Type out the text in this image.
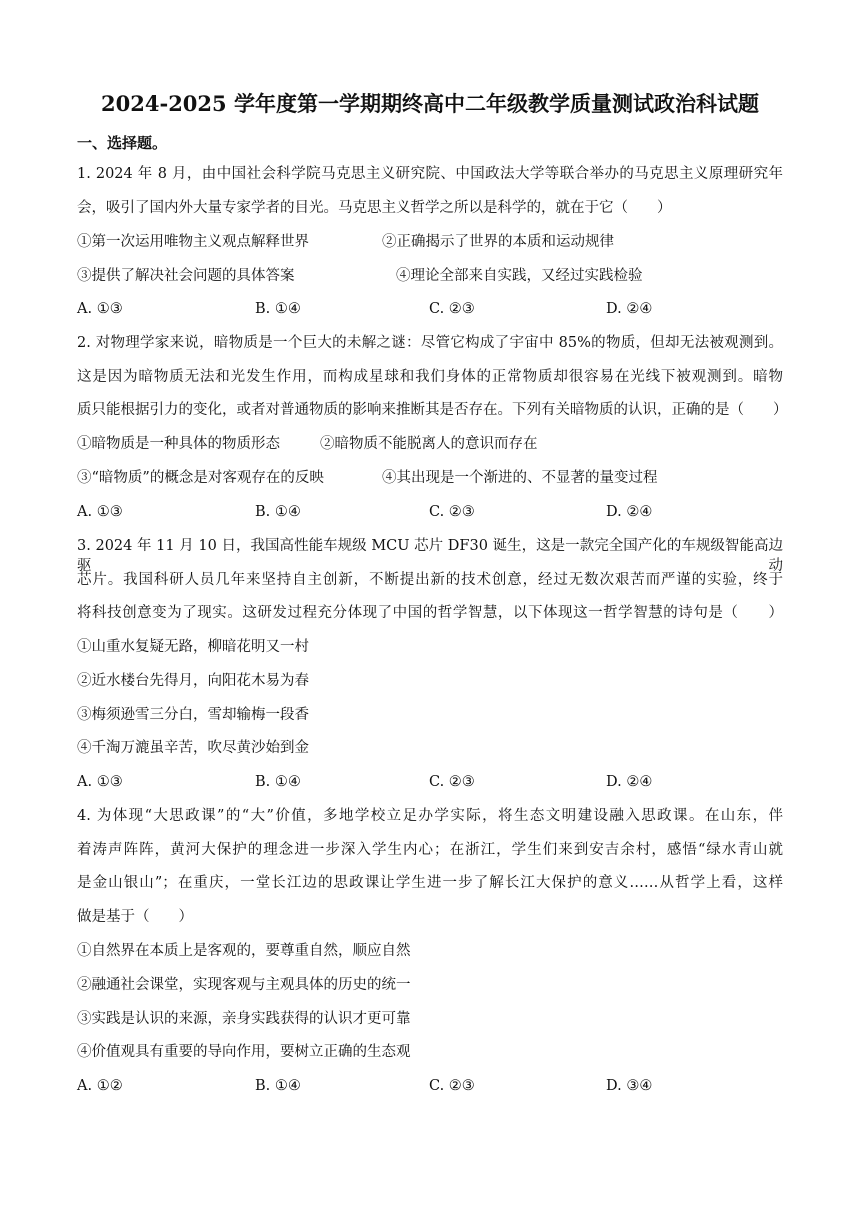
2024-2025 学年度第一学期期终高中二年级教学质量测试政治科试题
一、选择题。
1. 2024 年 8 月，由中国社会科学院马克思主义研究院、中国政法大学等联合举办的马克思主义原理研究年
会，吸引了国内外大量专家学者的目光。马克思主义哲学之所以是科学的，就在于它（　　）
①第一次运用唯物主义观点解释世界	②正确揭示了世界的本质和运动规律
③提供了解决社会问题的具体答案	④理论全部来自实践，又经过实践检验
A. ①③	B. ①④	C. ②③	D. ②④
2. 对物理学家来说，暗物质是一个巨大的未解之谜：尽管它构成了宇宙中 85%的物质，但却无法被观测到。
这是因为暗物质无法和光发生作用，而构成星球和我们身体的正常物质却很容易在光线下被观测到。暗物
质只能根据引力的变化，或者对普通物质的影响来推断其是否存在。下列有关暗物质的认识，正确的是（　　）
①暗物质是一种具体的物质形态	②暗物质不能脱离人的意识而存在
③“暗物质”的概念是对客观存在的反映	④其出现是一个渐进的、不显著的量变过程
A. ①③	B. ①④	C. ②③	D. ②④
3. 2024 年 11 月 10 日，我国高性能车规级 MCU 芯片 DF30 诞生，这是一款完全国产化的车规级智能高边驱动
芯片。我国科研人员几年来坚持自主创新，不断提出新的技术创意，经过无数次艰苦而严谨的实验，终于
将科技创意变为了现实。这研发过程充分体现了中国的哲学智慧，以下体现这一哲学智慧的诗句是（　　）
①山重水复疑无路，柳暗花明又一村
②近水楼台先得月，向阳花木易为春
③梅须逊雪三分白，雪却输梅一段香
④千淘万漉虽辛苦，吹尽黄沙始到金
A. ①③	B. ①④	C. ②③	D. ②④
4. 为体现“大思政课”的“大”价值，多地学校立足办学实际，将生态文明建设融入思政课。在山东，伴
着涛声阵阵，黄河大保护的理念进一步深入学生内心；在浙江，学生们来到安吉余村，感悟“绿水青山就
是金山银山”；在重庆，一堂长江边的思政课让学生进一步了解长江大保护的意义……从哲学上看，这样
做是基于（　　）
①自然界在本质上是客观的，要尊重自然，顺应自然
②融通社会课堂，实现客观与主观具体的历史的统一
③实践是认识的来源，亲身实践获得的认识才更可靠
④价值观具有重要的导向作用，要树立正确的生态观
A. ①②	B. ①④	C. ②③	D. ③④
